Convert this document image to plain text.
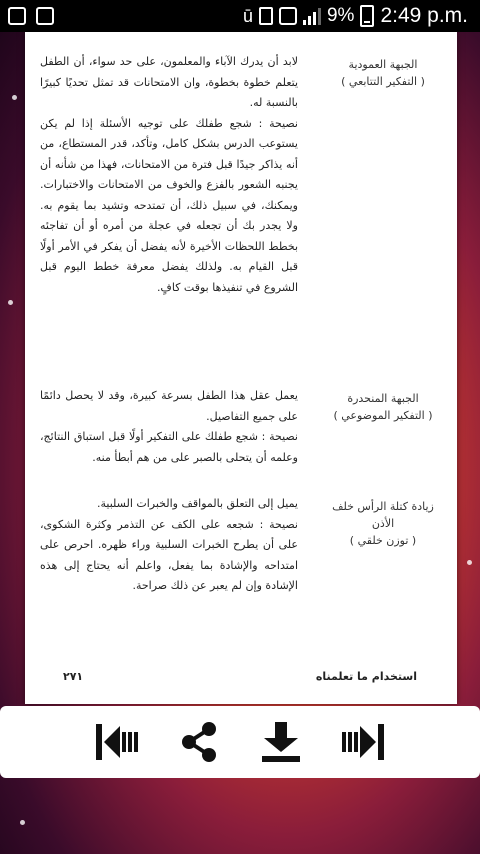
ū	9% 2:49 p.m.
الجبهة العمودية
( التفكير التتابعي )
لابد أن يدرك الآباء والمعلمون، على حد سواء، أن الطفل يتعلم خطوة بخطوة، وان الامتحانات قد تمثل تحديًا كبيرًا بالنسبة له.
نصيحة : شجع طفلك على توجيه الأسئلة إذا لم يكن يستوعب الدرس بشكل كامل، وتأكد، قدر المستطاع، من أنه يذاكر جيدًا قبل فترة من الامتحانات، فهذا من شأنه أن يجنبه الشعور بالفزع والخوف من الامتحانات والاختبارات. ويمكنك، في سبيل ذلك، أن تمتدحه وتشيد بما يقوم به. ولا يجدر بك أن تجعله في عجلة من أمره أو أن تفاجئه بخطط اللحظات الأخيرة لأنه يفضل أن يفكر في الأمر أولًا قبل القيام به. ولذلك يفضل معرفة خطط اليوم قبل الشروع في تنفيذها بوقت كافٍ.
الجبهة المنحدرة
( التفكير الموضوعي )
يعمل عقل هذا الطفل بسرعة كبيرة، وقد لا يحصل دائمًا على جميع التفاصيل.
نصيحة : شجع طفلك على التفكير أولًا قبل استباق النتائج، وعلمه أن يتحلى بالصبر على من هم أبطأ منه.
زيادة كتلة الرأس خلف الأذن
( توزن خلقي )
يميل إلى التعلق بالمواقف والخبرات السلبية.
نصيحة : شجعه على الكف عن التذمر وكثرة الشكوى، على أن يطرح الخبرات السلبية وراء ظهره. احرص على امتداحه والإشادة بما يفعل، واعلم أنه يحتاج إلى هذه الإشادة وإن لم يعبر عن ذلك صراحة.
٢٧١	استخدام ما تعلمناه
